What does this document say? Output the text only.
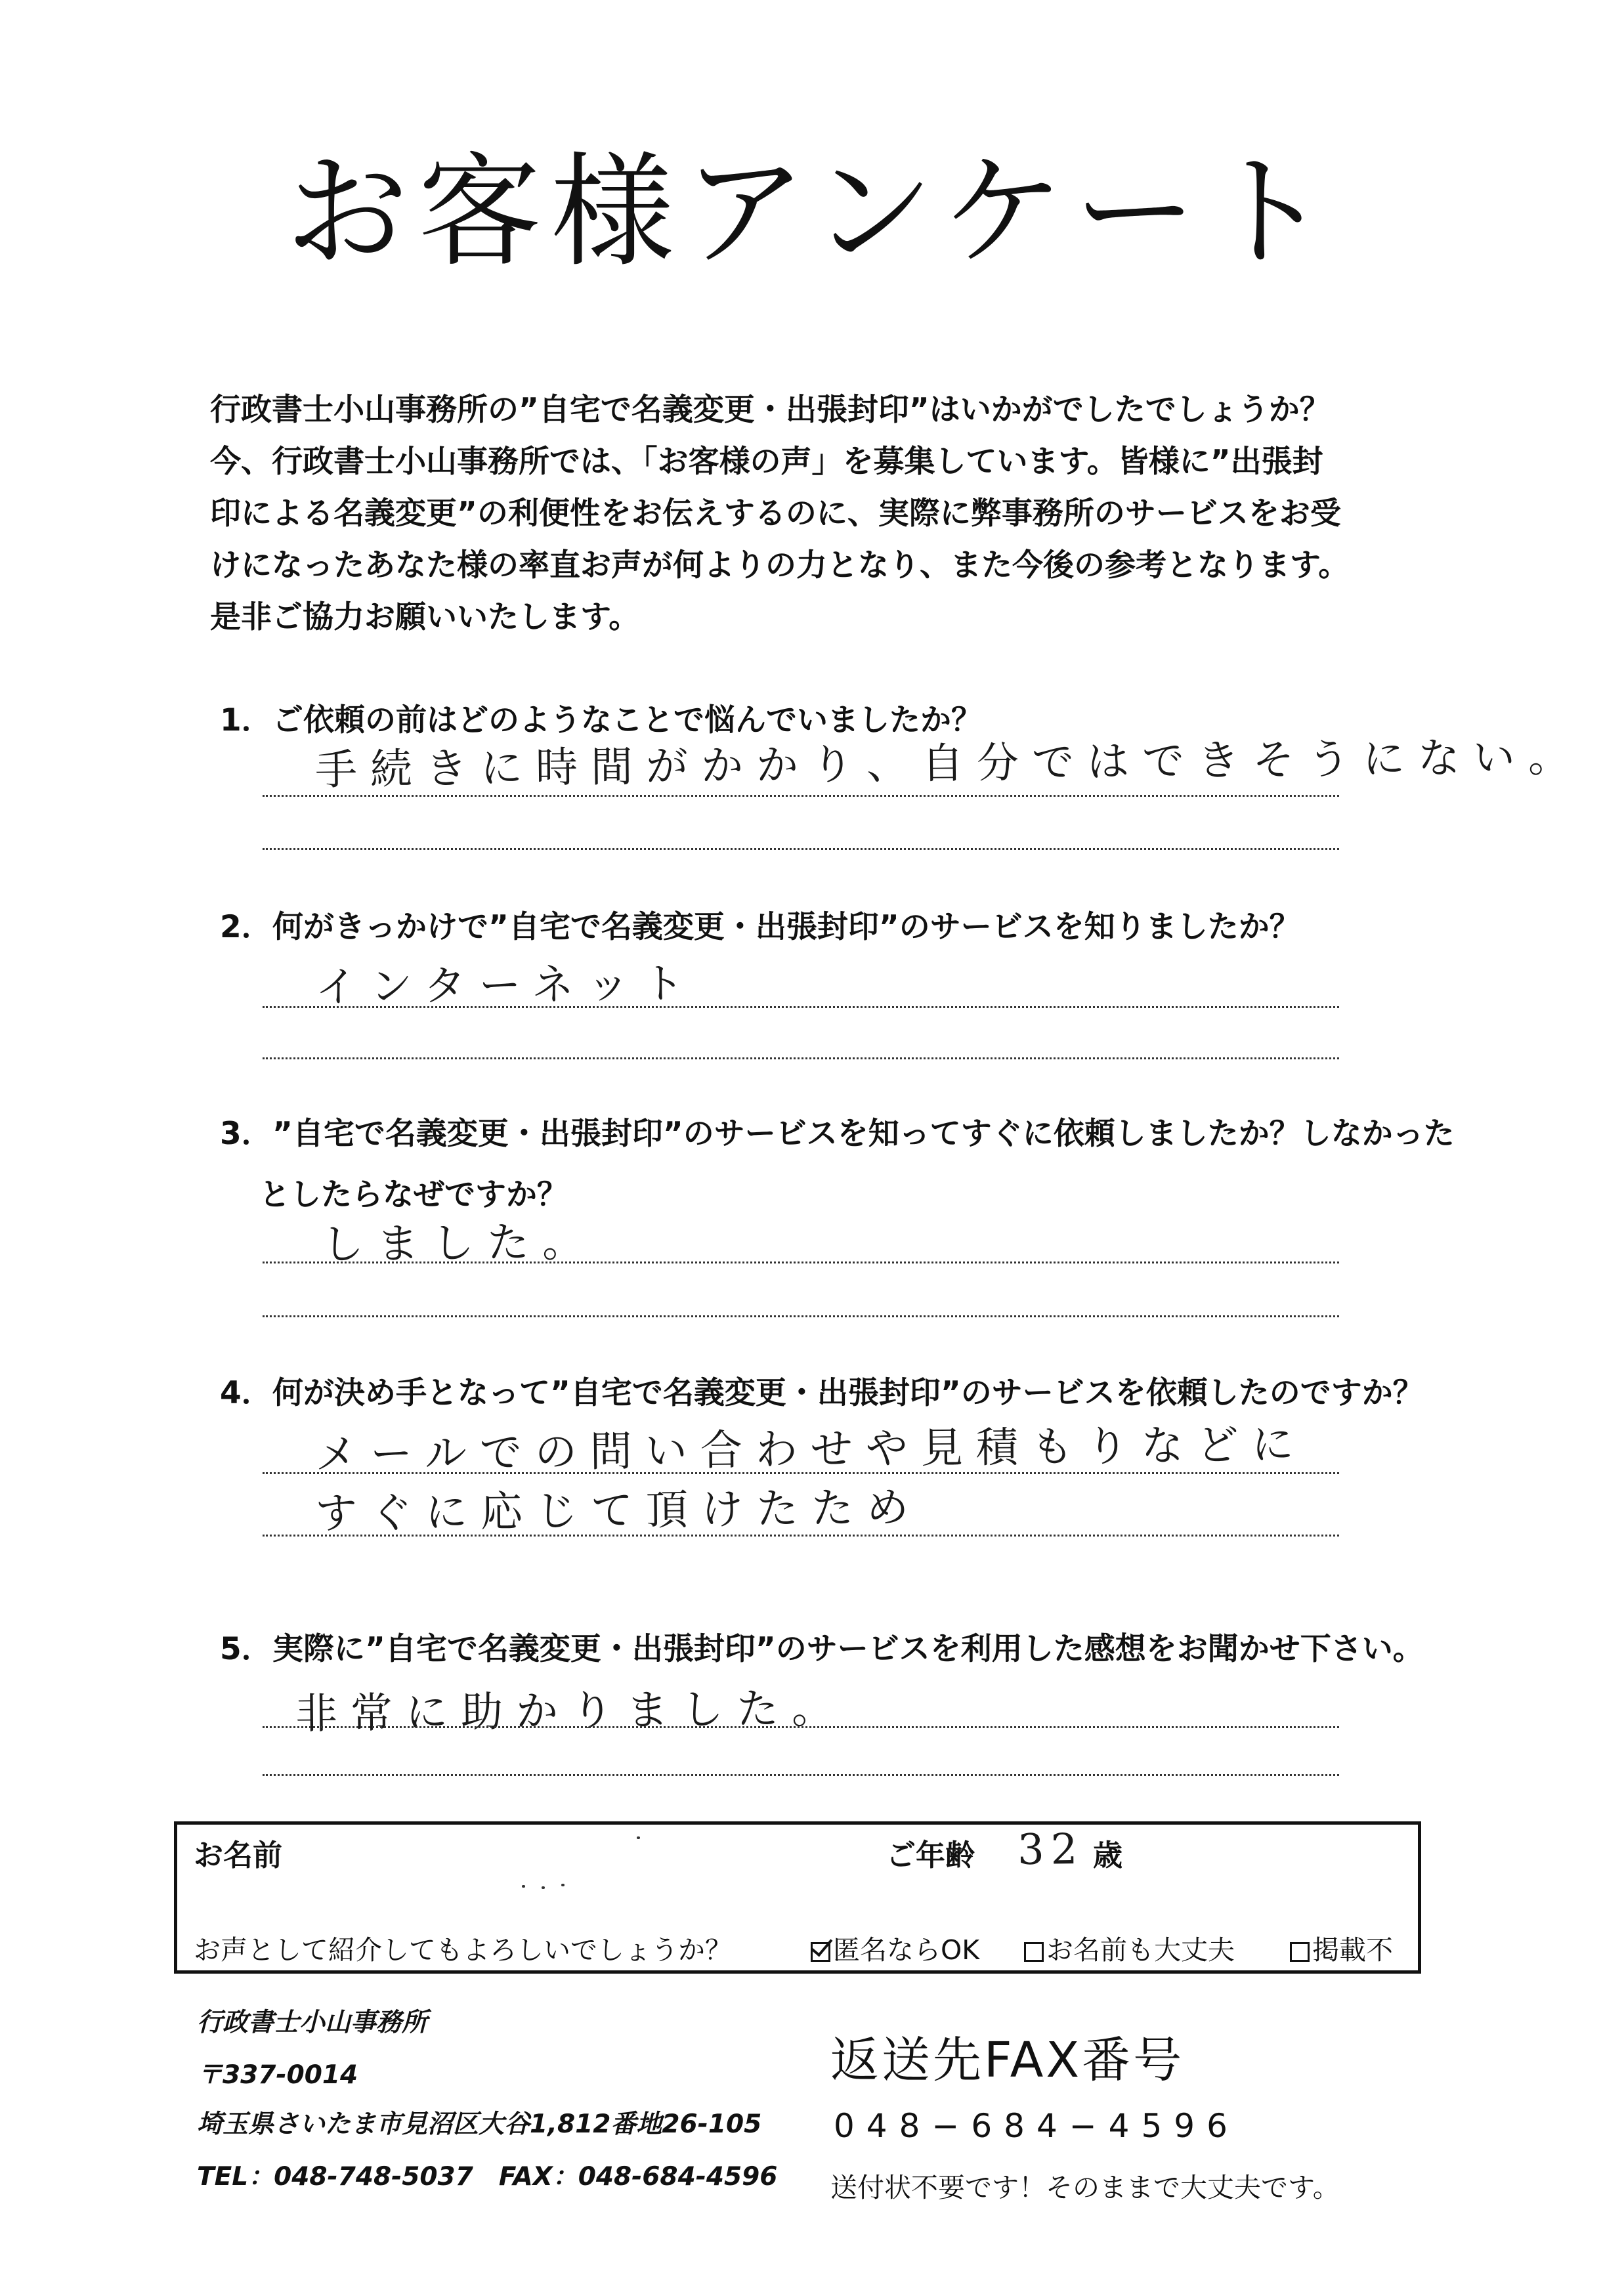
お客様アンケート
行政書士小山事務所の”自宅で名義変更・出張封印”はいかがでしたでしょうか？
今、行政書士小山事務所では、「お客様の声」を募集しています。皆様に”出張封
印による名義変更”の利便性をお伝えするのに、実際に弊事務所のサービスをお受
けになったあなた様の率直お声が何よりの力となり、また今後の参考となります。
是非ご協力お願いいたします。
1．ご依頼の前はどのようなことで悩んでいましたか？
手続きに時間がかかり、自分ではできそうにない。
2．何がきっかけで”自宅で名義変更・出張封印”のサービスを知りましたか？
インターネット
3．”自宅で名義変更・出張封印”のサービスを知ってすぐに依頼しましたか？しなかった
としたらなぜですか？
しました。
4．何が決め手となって”自宅で名義変更・出張封印”のサービスを依頼したのですか？
メールでの問い合わせや見積もりなどに
すぐに応じて頂けたため
5．実際に”自宅で名義変更・出張封印”のサービスを利用した感想をお聞かせ下さい。
非常に助かりました。
お名前	ご年齢 32 歳
お声として紹介してもよろしいでしょうか？	匿名ならOK	お名前も大丈夫	掲載不
行政書士小山事務所
〒337-0014
埼玉県さいたま市見沼区大谷1,812番地26-105
TEL：048-748-5037　FAX：048-684-4596
返送先FAX番号
048−684−4596
送付状不要です！そのままで大丈夫です。
